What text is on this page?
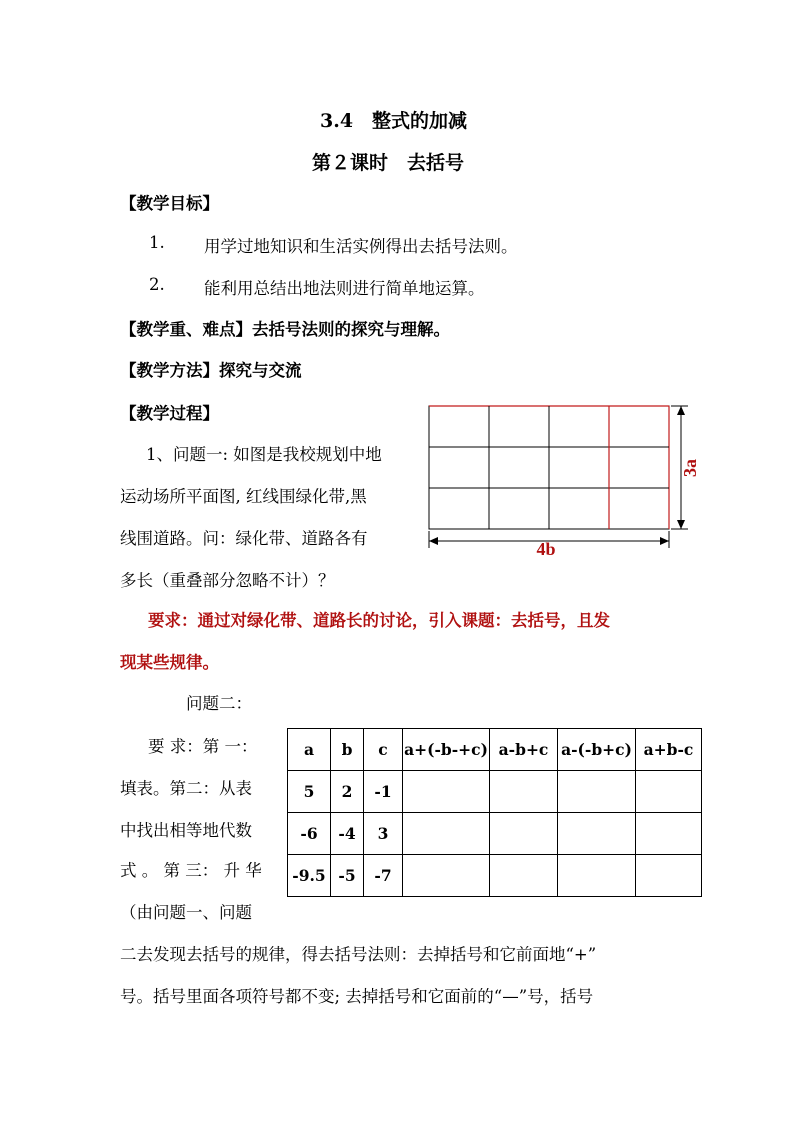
3.4　整式的加减
第２课时　去括号
【教学目标】
1. 用学过地知识和生活实例得出去括号法则。
2. 能利用总结出地法则进行简单地运算。
【教学重、难点】去括号法则的探究与理解。
【教学方法】探究与交流
【教学过程】
1、问题一: 如图是我校规划中地
运动场所平面图, 红线围绿化带,黑
线围道路。问：绿化带、道路各有
多长（重叠部分忽略不计）？
3a
4b
要求：通过对绿化带、道路长的讨论，引入课题：去括号，且发
现某些规律。
问题二：
要 求：第 一：
填表。第二：从表
中找出相等地代数
式 。 第 三： 升 华
（由问题一、问题
a	b	c	a+(-b-+c)	a-b+c	a-(-b+c)	a+b-c
5	2	-1				
-6	-4	3				
-9.5	-5	-7				
二去发现去括号的规律，得去括号法则：去掉括号和它前面地“+”
号。括号里面各项符号都不变; 去掉括号和它面前的“—”号，括号
